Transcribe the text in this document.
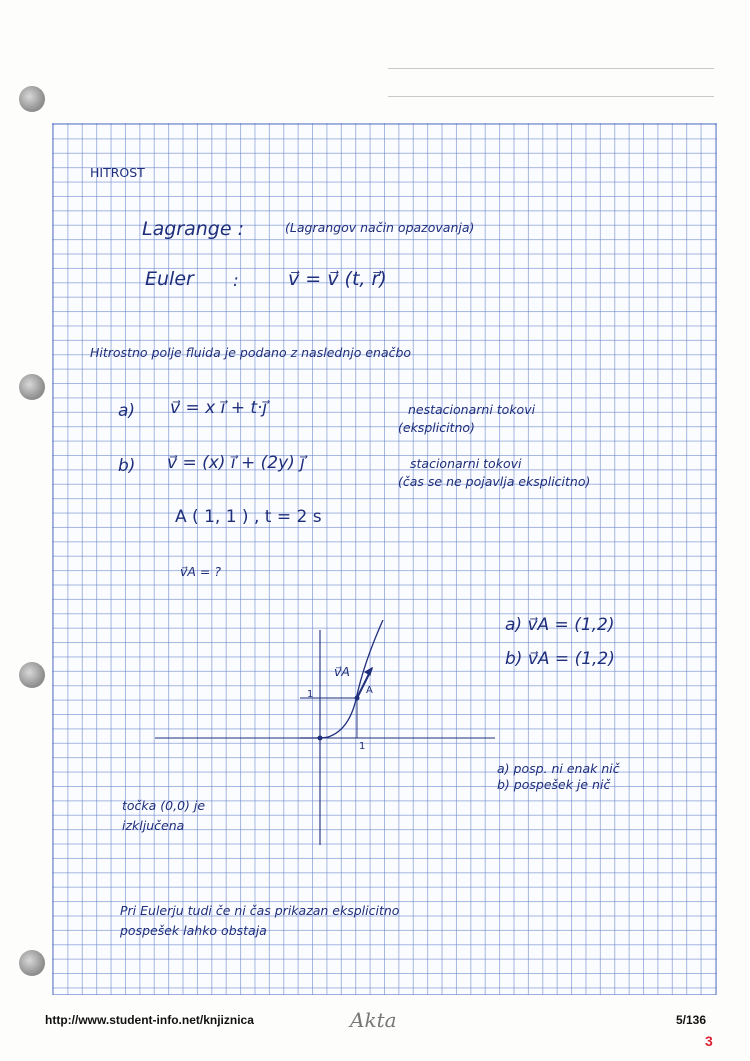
HITROST
Lagrange :	(Lagrangov način opazovanja)
Euler :	v⃗ = v⃗ (t, r⃗)
Hitrostno polje fluida je podano z naslednjo enačbo
a) v⃗ = x i⃗ + t·j⃗	nestacionarni tokovi
(eksplicitno)
b) v⃗ = (x) i⃗ + (2y) j⃗	stacionarni tokovi
(čas se ne pojavlja eksplicitno)
A ( 1, 1 ) , t = 2 s
v⃗A = ?
a) v⃗A = (1,2)
b) v⃗A = (1,2)
v⃗A
A
1
1
a) posp. ni enak nič
b) pospešek je nič
točka (0,0) je
izključena
Pri Eulerju tudi če ni čas prikazan eksplicitno
pospešek lahko obstaja
http://www.student-info.net/knjiznica	Akta	5/136
3
